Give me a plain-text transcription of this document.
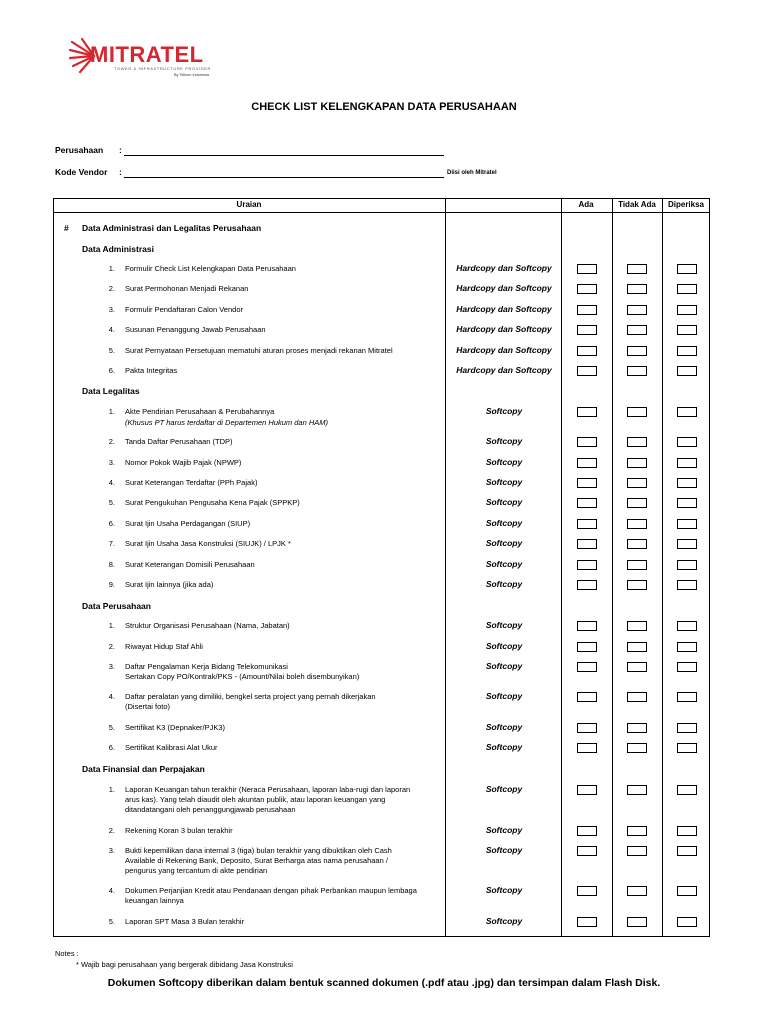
MITRATEL
TOWER & INFRASTRUCTURE PROVIDER
By Telkom Indonesia
CHECK LIST KELENGKAPAN DATA PERUSAHAAN
Perusahaan :
Kode Vendor :	Diisi oleh Mitratel
Uraian	Ada	Tidak Ada	Diperiksa
# Data Administrasi dan Legalitas Perusahaan
Data Administrasi
1. Formulir Check List Kelengkapan Data Perusahaan	Hardcopy dan Softcopy
2. Surat Permohonan Menjadi Rekanan	Hardcopy dan Softcopy
3. Formulir Pendaftaran Calon Vendor	Hardcopy dan Softcopy
4. Susunan Penanggung Jawab Perusahaan	Hardcopy dan Softcopy
5. Surat Pernyataan Persetujuan mematuhi aturan proses menjadi rekanan Mitratel	Hardcopy dan Softcopy
6. Pakta Integritas	Hardcopy dan Softcopy
Data Legalitas
1. Akte Pendirian Perusahaan & Perubahannya
(Khusus PT harus terdaftar di Departemen Hukum dan HAM)
Softcopy
2. Tanda Daftar Perusahaan (TDP)	Softcopy
3. Nomor Pokok Wajib Pajak (NPWP)	Softcopy
4. Surat Keterangan Terdaftar (PPh Pajak)	Softcopy
5. Surat Pengukuhan Pengusaha Kena Pajak (SPPKP)	Softcopy
6. Surat Ijin Usaha Perdagangan (SIUP)	Softcopy
7. Surat Ijin Usaha Jasa Konstruksi (SIUJK) / LPJK *	Softcopy
8. Surat Keterangan Domisili Perusahaan	Softcopy
9. Surat Ijin lainnya (jika ada)	Softcopy
Data Perusahaan
1. Struktur Organisasi Perusahaan (Nama, Jabatan)	Softcopy
2. Riwayat Hidup Staf Ahli	Softcopy
3. Daftar Pengalaman Kerja Bidang Telekomunikasi
Sertakan Copy PO/Kontrak/PKS - (Amount/Nilai boleh disembunyikan)
Softcopy
4. Daftar peralatan yang dimiliki, bengkel serta project yang pernah dikerjakan
(Disertai foto)
Softcopy
5. Sertifikat K3 (Depnaker/PJK3)	Softcopy
6. Sertifikat Kalibrasi Alat Ukur	Softcopy
Data Finansial dan Perpajakan
1. Laporan Keuangan tahun terakhir (Neraca Perusahaan, laporan laba-rugi dan laporan
arus kas). Yang telah diaudit oleh akuntan publik, atau laporan keuangan yang
ditandatangani oleh penanggungjawab perusahaan
Softcopy
2. Rekening Koran 3 bulan terakhir	Softcopy
3. Bukti kepemilikan dana internal 3 (tiga) bulan terakhir yang dibuktikan oleh Cash
Available di Rekening Bank, Deposito, Surat Berharga atas nama perusahaan /
pengurus yang tercantum di akte pendirian
Softcopy
4. Dokumen Perjanjian Kredit atau Pendanaan dengan pihak Perbankan maupun lembaga
keuangan lainnya
Softcopy
5. Laporan SPT Masa 3 Bulan terakhir	Softcopy
Notes :
* Wajib bagi perusahaan yang bergerak dibidang Jasa Konstruksi
Dokumen Softcopy diberikan dalam bentuk scanned dokumen (.pdf atau .jpg) dan tersimpan dalam Flash Disk.
